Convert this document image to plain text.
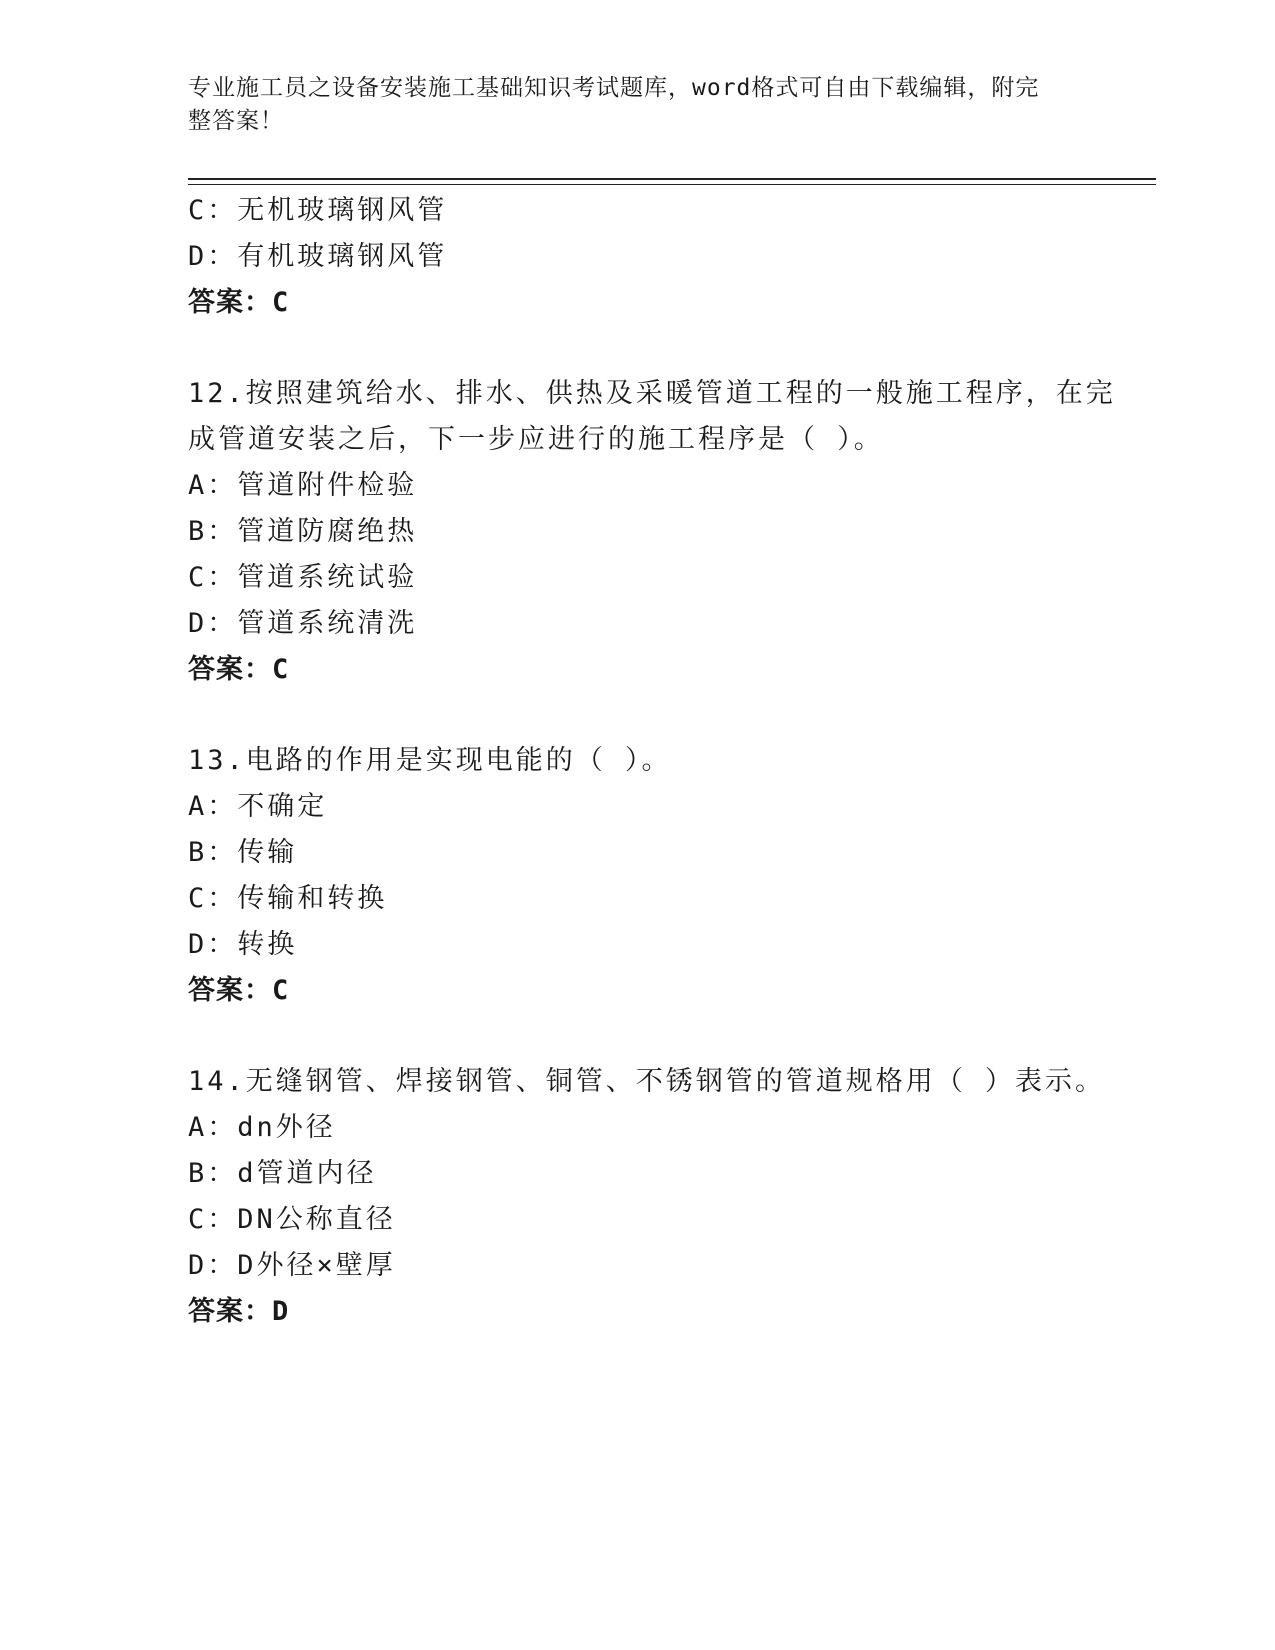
专业施工员之设备安装施工基础知识考试题库，word格式可自由下载编辑，附完
整答案！
C：无机玻璃钢风管
D：有机玻璃钢风管
答案：C
12.按照建筑给水、排水、供热及采暖管道工程的一般施工程序，在完
成管道安装之后，下一步应进行的施工程序是（ ）。
A：管道附件检验
B：管道防腐绝热
C：管道系统试验
D：管道系统清洗
答案：C
13.电路的作用是实现电能的（ ）。
A：不确定
B：传输
C：传输和转换
D：转换
答案：C
14.无缝钢管、焊接钢管、铜管、不锈钢管的管道规格用（ ）表示。
A：dn外径
B：d管道内径
C：DN公称直径
D：D外径×壁厚
答案：D
